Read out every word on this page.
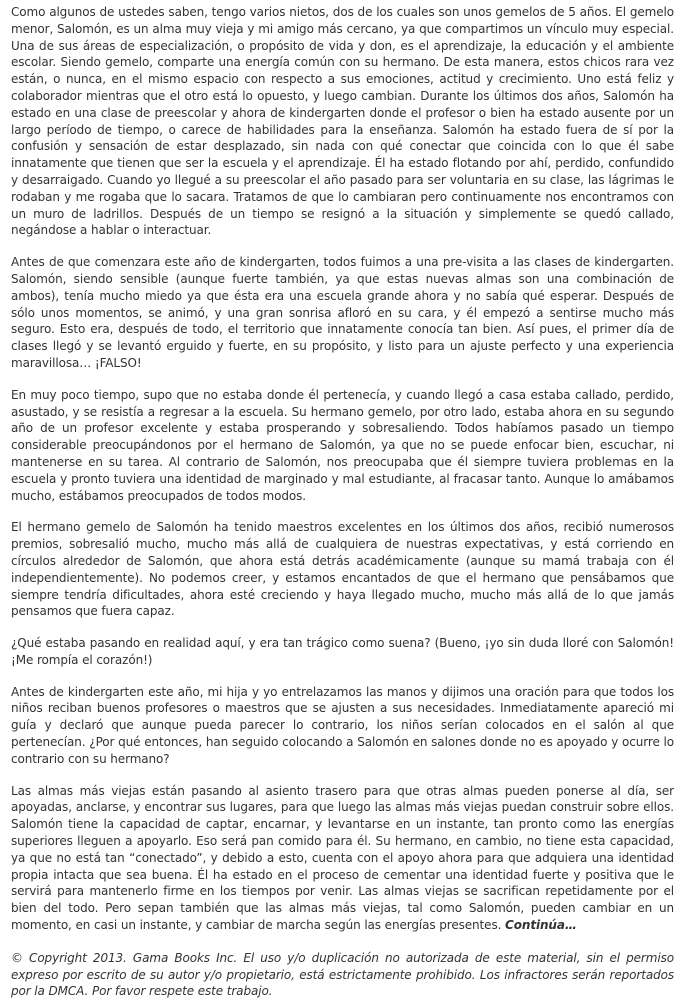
Como algunos de ustedes saben, tengo varios nietos, dos de los cuales son unos gemelos de 5 años. El gemelo menor, Salomón, es un alma muy vieja y mi amigo más cercano, ya que compartimos un vínculo muy especial. Una de sus áreas de especialización, o propósito de vida y don, es el aprendizaje, la educación y el ambiente escolar. Siendo gemelo, comparte una energía común con su hermano. De esta manera, estos chicos rara vez están, o nunca, en el mismo espacio con respecto a sus emociones, actitud y crecimiento. Uno está feliz y colaborador mientras que el otro está lo opuesto, y luego cambian. Durante los últimos dos años, Salomón ha estado en una clase de preescolar y ahora de kindergarten donde el profesor o bien ha estado ausente por un largo período de tiempo, o carece de habilidades para la enseñanza. Salomón ha estado fuera de sí por la confusión y sensación de estar desplazado, sin nada con qué conectar que coincida con lo que él sabe innatamente que tienen que ser la escuela y el aprendizaje. Él ha estado flotando por ahí, perdido, confundido y desarraigado. Cuando yo llegué a su preescolar el año pasado para ser voluntaria en su clase, las lágrimas le rodaban y me rogaba que lo sacara. Tratamos de que lo cambiaran pero continuamente nos encontramos con un muro de ladrillos. Después de un tiempo se resignó a la situación y simplemente se quedó callado, negándose a hablar o interactuar.

Antes de que comenzara este año de kindergarten, todos fuimos a una pre-visita a las clases de kindergarten. Salomón, siendo sensible (aunque fuerte también, ya que estas nuevas almas son una combinación de ambos), tenía mucho miedo ya que ésta era una escuela grande ahora y no sabía qué esperar. Después de sólo unos momentos, se animó, y una gran sonrisa afloró en su cara, y él empezó a sentirse mucho más seguro. Esto era, después de todo, el territorio que innatamente conocía tan bien. Así pues, el primer día de clases llegó y se levantó erguido y fuerte, en su propósito, y listo para un ajuste perfecto y una experiencia maravillosa… ¡FALSO!

En muy poco tiempo, supo que no estaba donde él pertenecía, y cuando llegó a casa estaba callado, perdido, asustado, y se resistía a regresar a la escuela. Su hermano gemelo, por otro lado, estaba ahora en su segundo año de un profesor excelente y estaba prosperando y sobresaliendo. Todos habíamos pasado un tiempo considerable preocupándonos por el hermano de Salomón, ya que no se puede enfocar bien, escuchar, ni mantenerse en su tarea. Al contrario de Salomón, nos preocupaba que él siempre tuviera problemas en la escuela y pronto tuviera una identidad de marginado y mal estudiante, al fracasar tanto. Aunque lo amábamos mucho, estábamos preocupados de todos modos.

El hermano gemelo de Salomón ha tenido maestros excelentes en los últimos dos años, recibió numerosos premios, sobresalió mucho, mucho más allá de cualquiera de nuestras expectativas, y está corriendo en círculos alrededor de Salomón, que ahora está detrás académicamente (aunque su mamá trabaja con él independientemente). No podemos creer, y estamos encantados de que el hermano que pensábamos que siempre tendría dificultades, ahora esté creciendo y haya llegado mucho, mucho más allá de lo que jamás pensamos que fuera capaz.

¿Qué estaba pasando en realidad aquí, y era tan trágico como suena? (Bueno, ¡yo sin duda lloré con Salomón! ¡Me rompía el corazón!)

Antes de kindergarten este año, mi hija y yo entrelazamos las manos y dijimos una oración para que todos los niños reciban buenos profesores o maestros que se ajusten a sus necesidades. Inmediatamente apareció mi guía y declaró que aunque pueda parecer lo contrario, los niños serían colocados en el salón al que pertenecían. ¿Por qué entonces, han seguido colocando a Salomón en salones donde no es apoyado y ocurre lo contrario con su hermano?

Las almas más viejas están pasando al asiento trasero para que otras almas pueden ponerse al día, ser apoyadas, anclarse, y encontrar sus lugares, para que luego las almas más viejas puedan construir sobre ellos. Salomón tiene la capacidad de captar, encarnar, y levantarse en un instante, tan pronto como las energías superiores lleguen a apoyarlo. Eso será pan comido para él. Su hermano, en cambio, no tiene esta capacidad, ya que no está tan “conectado”, y debido a esto, cuenta con el apoyo ahora para que adquiera una identidad propia intacta que sea buena. Él ha estado en el proceso de cementar una identidad fuerte y positiva que le servirá para mantenerlo firme en los tiempos por venir. Las almas viejas se sacrifican repetidamente por el bien del todo. Pero sepan también que las almas más viejas, tal como Salomón, pueden cambiar en un momento, en casi un instante, y cambiar de marcha según las energías presentes. Continúa…

© Copyright 2013. Gama Books Inc. El uso y/o duplicación no autorizada de este material, sin el permiso expreso por escrito de su autor y/o propietario, está estrictamente prohibido. Los infractores serán reportados por la DMCA. Por favor respete este trabajo.
